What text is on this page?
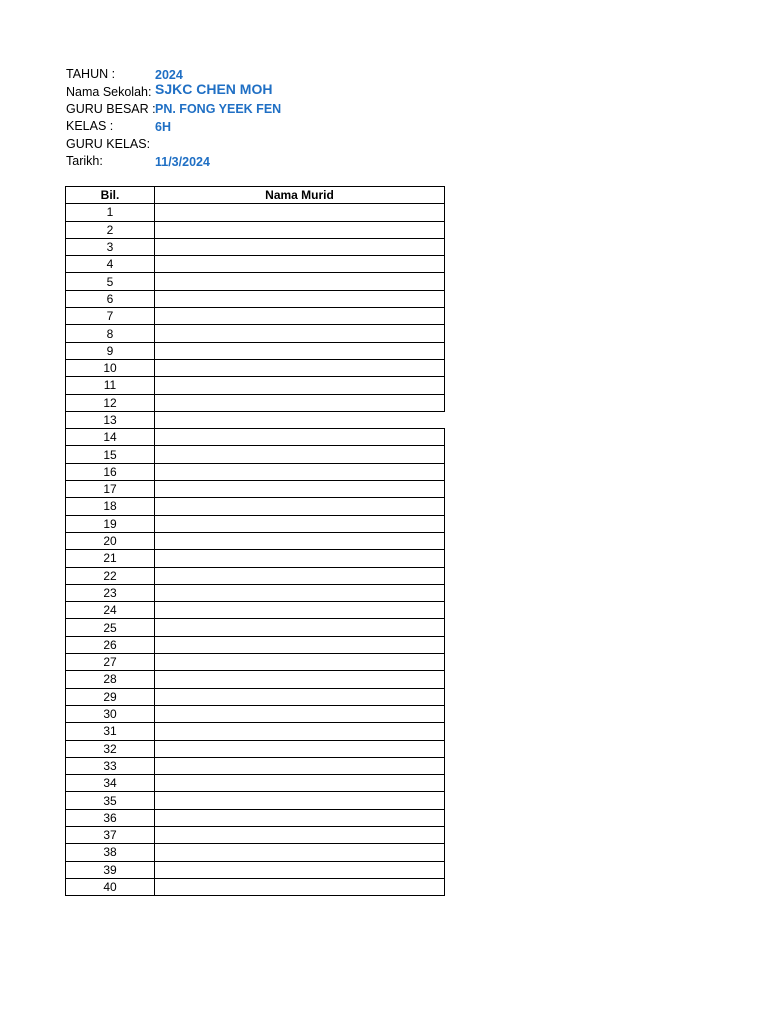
TAHUN :	2024
Nama Sekolah: SJKC CHEN MOH
GURU BESAR : PN. FONG YEEK FEN
KELAS :	6H
GURU KELAS:
Tarikh:	11/3/2024
Bil.	Nama Murid
1	
2	
3	
4	
5	
6	
7	
8	
9	
10	
11	
12	
13	
14	
15	
16	
17	
18	
19	
20	
21	
22	
23	
24	
25	
26	
27	
28	
29	
30	
31	
32	
33	
34	
35	
36	
37	
38	
39	
40	
